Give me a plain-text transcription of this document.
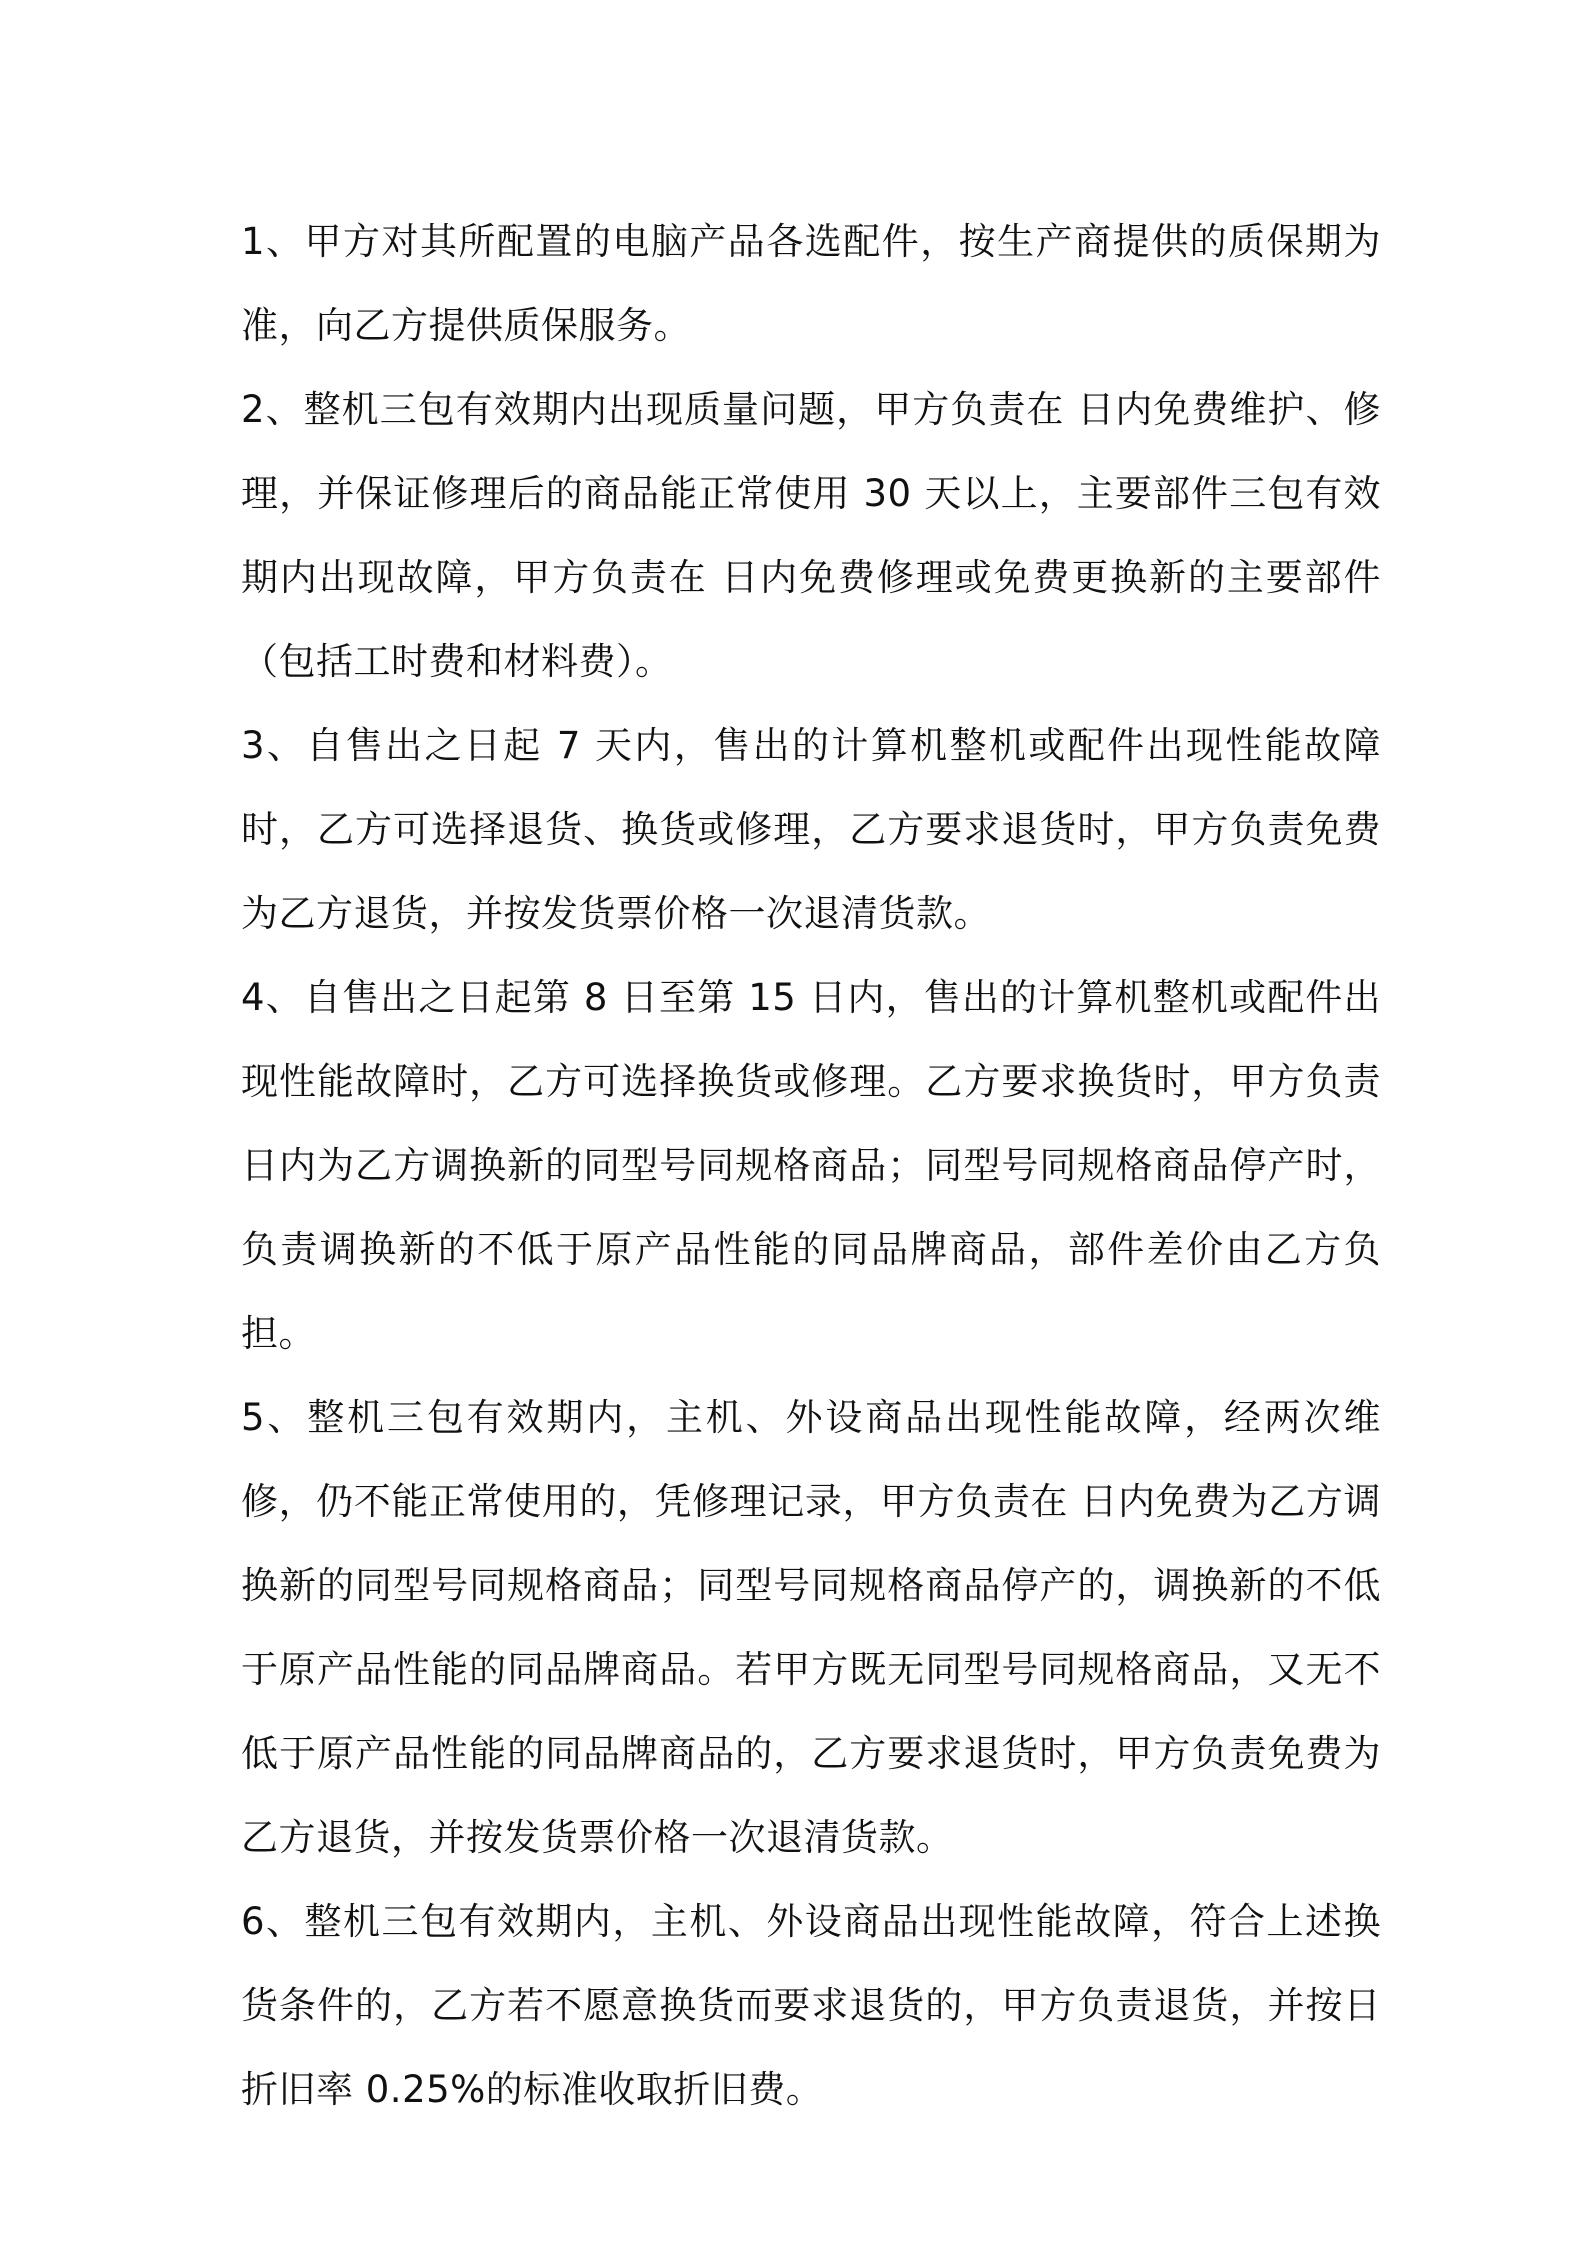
1、甲方对其所配置的电脑产品各选配件，按生产商提供的质保期为准，向乙方提供质保服务。

2、整机三包有效期内出现质量问题，甲方负责在 日内免费维护、修理，并保证修理后的商品能正常使用 30 天以上，主要部件三包有效期内出现故障，甲方负责在 日内免费修理或免费更换新的主要部件（包括工时费和材料费）。

3、自售出之日起 7 天内，售出的计算机整机或配件出现性能故障时，乙方可选择退货、换货或修理，乙方要求退货时，甲方负责免费为乙方退货，并按发货票价格一次退清货款。

4、自售出之日起第 8 日至第 15 日内，售出的计算机整机或配件出现性能故障时，乙方可选择换货或修理。乙方要求换货时，甲方负责 日内为乙方调换新的同型号同规格商品；同型号同规格商品停产时，负责调换新的不低于原产品性能的同品牌商品，部件差价由乙方负担。

5、整机三包有效期内，主机、外设商品出现性能故障，经两次维修，仍不能正常使用的，凭修理记录，甲方负责在 日内免费为乙方调换新的同型号同规格商品；同型号同规格商品停产的，调换新的不低于原产品性能的同品牌商品。若甲方既无同型号同规格商品，又无不低于原产品性能的同品牌商品的，乙方要求退货时，甲方负责免费为乙方退货，并按发货票价格一次退清货款。

6、整机三包有效期内，主机、外设商品出现性能故障，符合上述换货条件的，乙方若不愿意换货而要求退货的，甲方负责退货，并按日折旧率 0.25%的标准收取折旧费。
